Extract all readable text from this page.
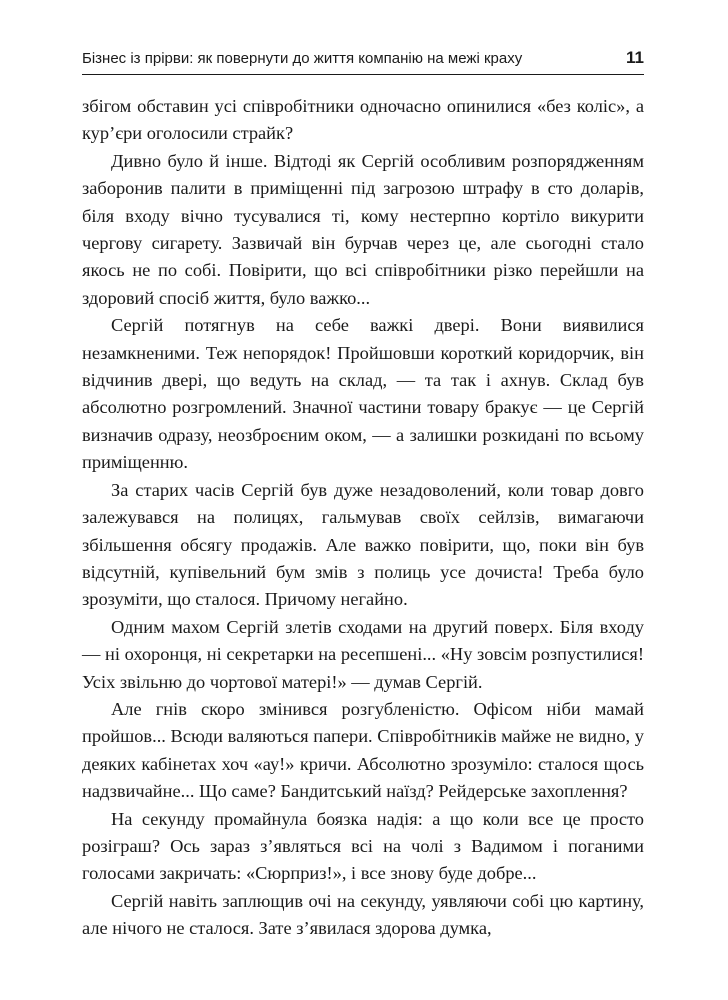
Бізнес із прірви: як повернути до життя компанію на межі краху	11

збігом обставин усі співробітники одночасно опинилися «без коліс», а кур’єри оголосили страйк?

Дивно було й інше. Відтоді як Сергій особливим розпорядженням заборонив палити в приміщенні під загрозою штрафу в сто доларів, біля входу вічно тусувалися ті, кому нестерпно кортіло викурити чергову сигарету. Зазвичай він бурчав через це, але сьогодні стало якось не по собі. Повірити, що всі співробітники різко перейшли на здоровий спосіб життя, було важко...

Сергій потягнув на себе важкі двері. Вони виявилися незамкненими. Теж непорядок! Пройшовши короткий коридорчик, він відчинив двері, що ведуть на склад, — та так і ахнув. Склад був абсолютно розгромлений. Значної частини товару бракує — це Сергій визначив одразу, неозброєним оком, — а залишки розкидані по всьому приміщенню.

За старих часів Сергій був дуже незадоволений, коли товар довго залежувався на полицях, гальмував своїх сейлзів, вимагаючи збільшення обсягу продажів. Але важко повірити, що, поки він був відсутній, купівельний бум змів з полиць усе дочиста! Треба було зрозуміти, що сталося. Причому негайно.

Одним махом Сергій злетів сходами на другий поверх. Біля входу — ні охоронця, ні секретарки на ресепшені... «Ну зовсім розпустилися! Усіх звільню до чортової матері!» — думав Сергій.

Але гнів скоро змінився розгубленістю. Офісом ніби мамай пройшов... Всюди валяються папери. Співробітників майже не видно, у деяких кабінетах хоч «ау!» кричи. Абсолютно зрозуміло: сталося щось надзвичайне... Що саме? Бандитський наїзд? Рейдерське захоплення?

На секунду промайнула боязка надія: а що коли все це просто розіграш? Ось зараз з’являться всі на чолі з Вадимом і поганими голосами закричать: «Сюрприз!», і все знову буде добре...

Сергій навіть заплющив очі на секунду, уявляючи собі цю картину, але нічого не сталося. Зате з’явилася здорова думка,
